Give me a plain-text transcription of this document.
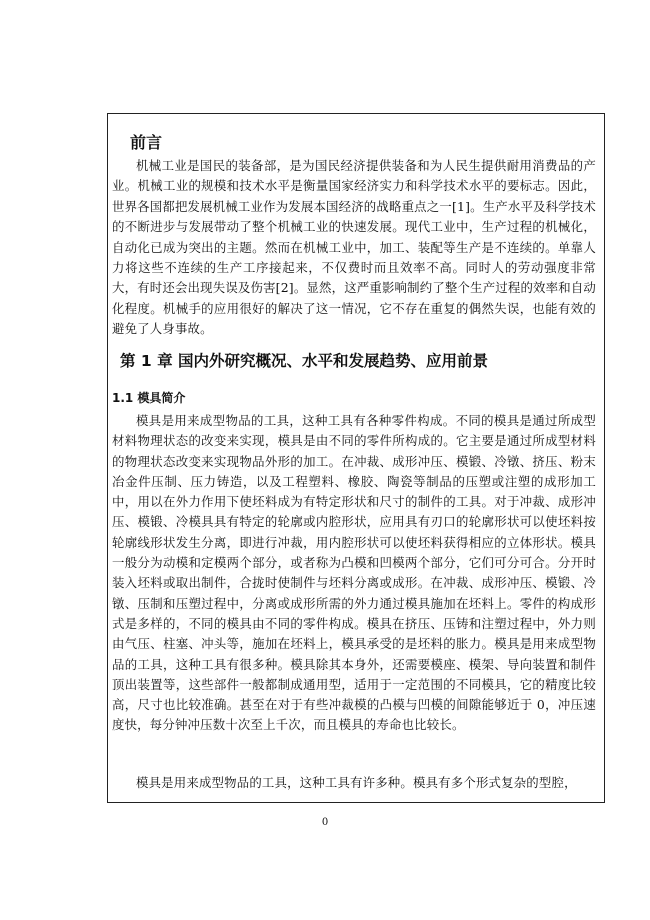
前言

机械工业是国民的装备部，是为国民经济提供装备和为人民生提供耐用消费品的产业。机械工业的规模和技术水平是衡量国家经济实力和科学技术水平的要标志。因此，世界各国都把发展机械工业作为发展本国经济的战略重点之一[1]。生产水平及科学技术的不断进步与发展带动了整个机械工业的快速发展。现代工业中，生产过程的机械化，自动化已成为突出的主题。然而在机械工业中，加工、装配等生产是不连续的。单靠人力将这些不连续的生产工序接起来，不仅费时而且效率不高。同时人的劳动强度非常大，有时还会出现失误及伤害[2]。显然，这严重影响制约了整个生产过程的效率和自动化程度。机械手的应用很好的解决了这一情况，它不存在重复的偶然失误，也能有效的避免了人身事故。

第 1 章 国内外研究概况、水平和发展趋势、应用前景
1.1 模具简介

模具是用来成型物品的工具，这种工具有各种零件构成。不同的模具是通过所成型材料物理状态的改变来实现，模具是由不同的零件所构成的。它主要是通过所成型材料的物理状态改变来实现物品外形的加工。在冲裁、成形冲压、模锻、冷镦、挤压、粉末冶金件压制、压力铸造，以及工程塑料、橡胶、陶瓷等制品的压塑或注塑的成形加工中，用以在外力作用下使坯料成为有特定形状和尺寸的制件的工具。对于冲裁、成形冲压、模锻、冷模具具有特定的轮廓或内腔形状，应用具有刃口的轮廓形状可以使坯料按轮廓线形状发生分离，即进行冲裁，用内腔形状可以使坯料获得相应的立体形状。模具一般分为动模和定模两个部分，或者称为凸模和凹模两个部分，它们可分可合。分开时装入坯料或取出制件，合拢时使制件与坯料分离或成形。在冲裁、成形冲压、模锻、冷镦、压制和压塑过程中，分离或成形所需的外力通过模具施加在坯料上。零件的构成形式是多样的，不同的模具由不同的零件构成。模具在挤压、压铸和注塑过程中，外力则由气压、柱塞、冲头等，施加在坯料上，模具承受的是坯料的胀力。模具是用来成型物品的工具，这种工具有很多种。模具除其本身外，还需要模座、模架、导向装置和制件顶出装置等，这些部件一般都制成通用型，适用于一定范围的不同模具，它的精度比较高，尺寸也比较准确。甚至在对于有些冲裁模的凸模与凹模的间隙能够近于 0，冲压速度快，每分钟冲压数十次至上千次，而且模具的寿命也比较长。

模具是用来成型物品的工具，这种工具有许多种。模具有多个形式复杂的型腔，

0
